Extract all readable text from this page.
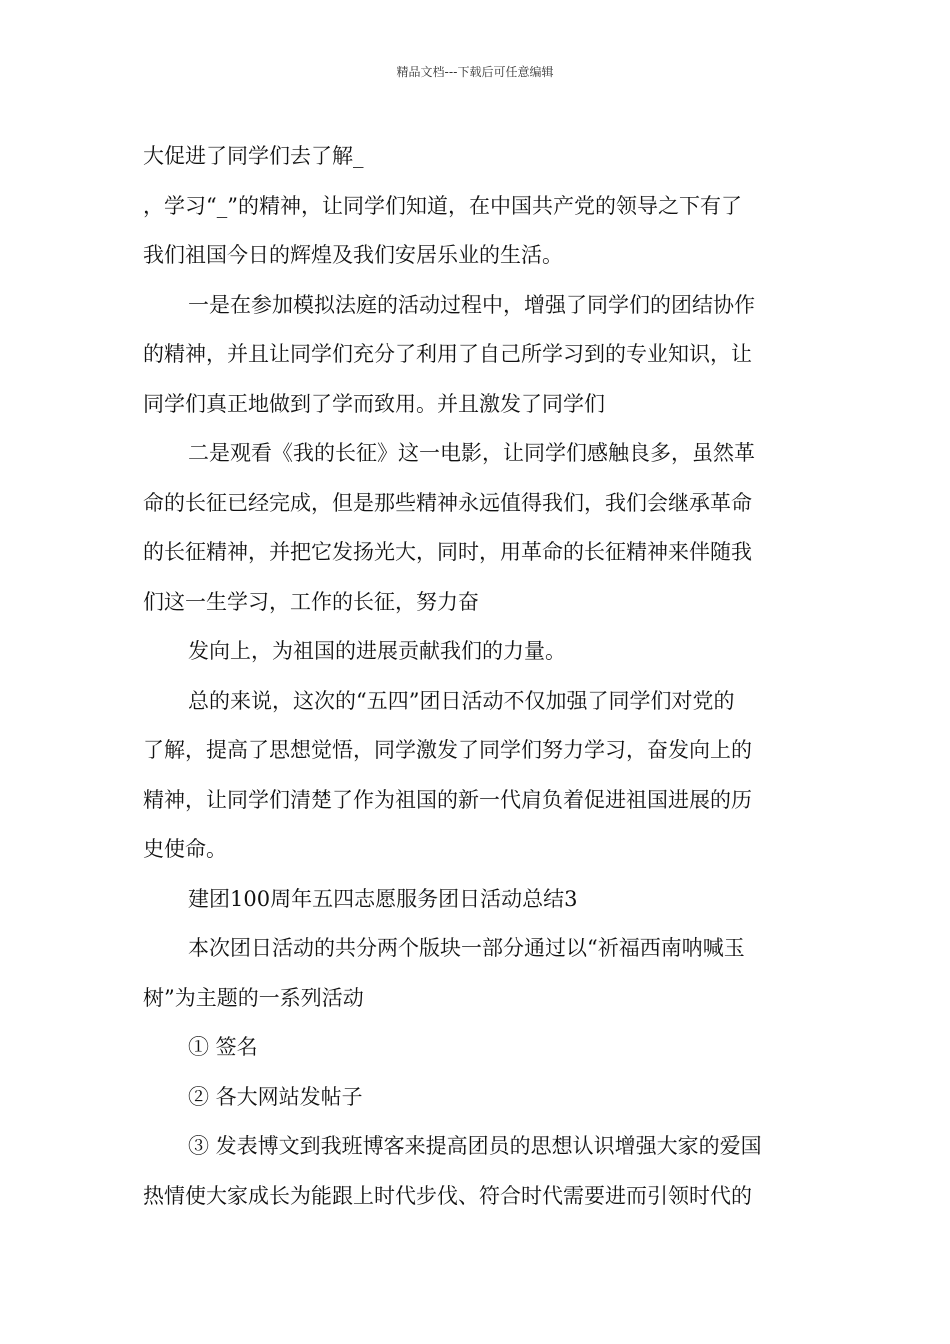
精品文档---下载后可任意编辑
大促进了同学们去了解_
，学习“_”的精神，让同学们知道，在中国共产党的领导之下有了
我们祖国今日的辉煌及我们安居乐业的生活。
一是在参加模拟法庭的活动过程中，增强了同学们的团结协作
的精神，并且让同学们充分了利用了自己所学习到的专业知识，让
同学们真正地做到了学而致用。并且激发了同学们
二是观看《我的长征》这一电影，让同学们感触良多，虽然革
命的长征已经完成，但是那些精神永远值得我们，我们会继承革命
的长征精神，并把它发扬光大，同时，用革命的长征精神来伴随我
们这一生学习，工作的长征，努力奋
发向上，为祖国的进展贡献我们的力量。
总的来说，这次的“五四”团日活动不仅加强了同学们对党的
了解，提高了思想觉悟，同学激发了同学们努力学习，奋发向上的
精神，让同学们清楚了作为祖国的新一代肩负着促进祖国进展的历
史使命。
建团100周年五四志愿服务团日活动总结3
本次团日活动的共分两个版块一部分通过以“祈福西南呐喊玉
树”为主题的一系列活动
① 签名
② 各大网站发帖子
③ 发表博文到我班博客来提高团员的思想认识增强大家的爱国
热情使大家成长为能跟上时代步伐、符合时代需要进而引领时代的
